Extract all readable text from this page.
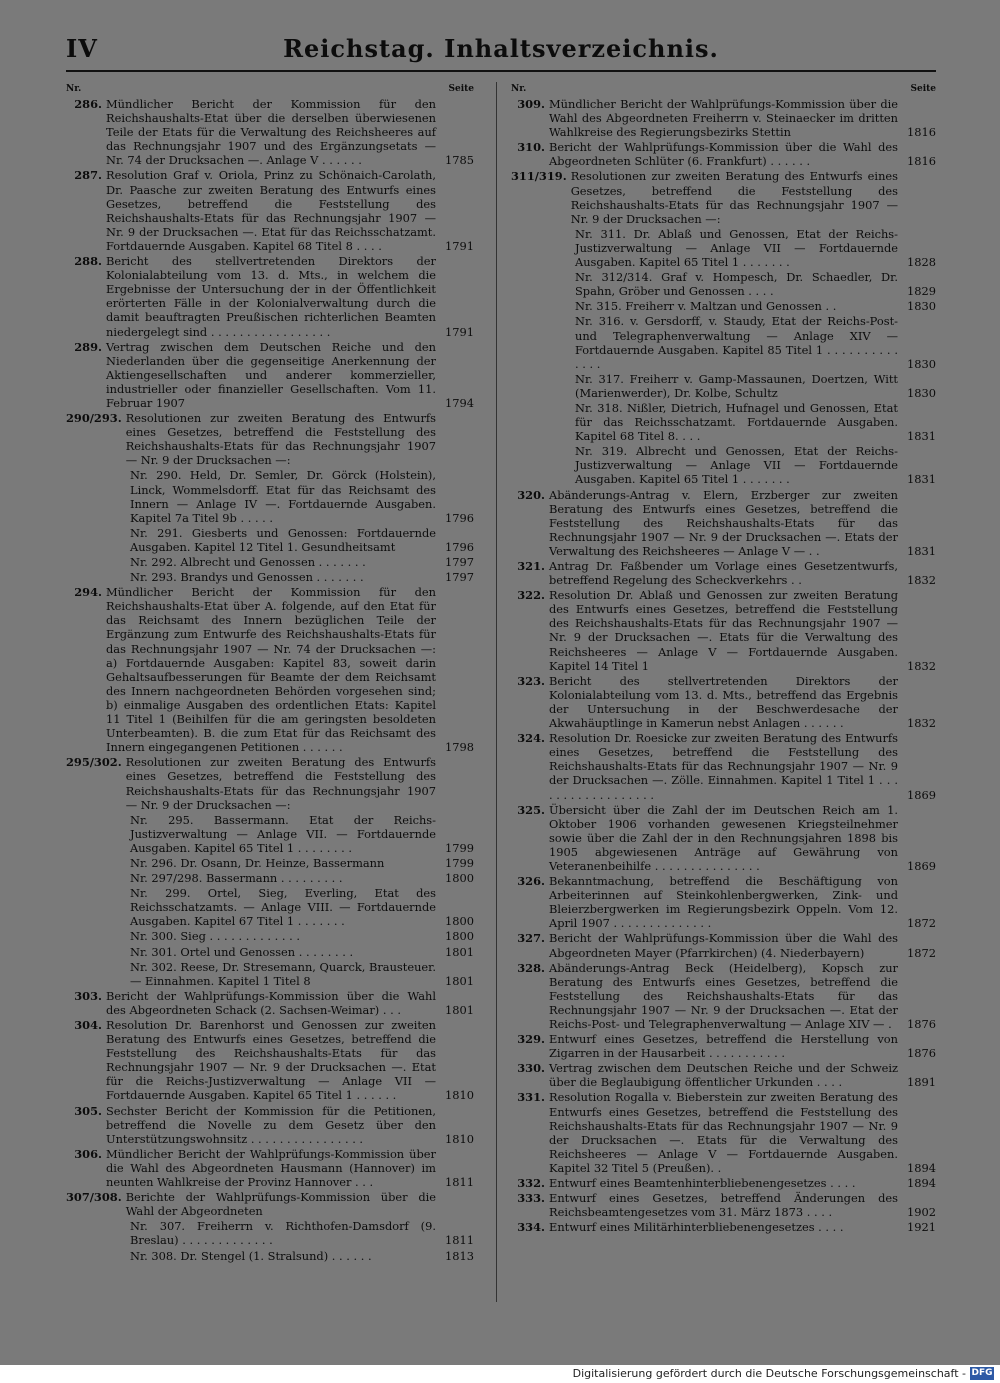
IV	Reichstag. Inhaltsverzeichnis.
Nr.	Seite
286. Mündlicher Bericht der Kommission für den Reichshaushalts-Etat über die derselben überwiesenen Teile der Etats für die Verwaltung des Reichsheeres auf das Rechnungsjahr 1907 und des Ergänzungsetats — Nr. 74 der Drucksachen —. Anlage V . . . . . .	1785
287. Resolution Graf v. Oriola, Prinz zu Schönaich-Carolath, Dr. Paasche zur zweiten Beratung des Entwurfs eines Gesetzes, betreffend die Feststellung des Reichshaushalts-Etats für das Rechnungsjahr 1907 — Nr. 9 der Drucksachen —. Etat für das Reichsschatzamt. Fortdauernde Ausgaben. Kapitel 68 Titel 8 . . . .	1791
288. Bericht des stellvertretenden Direktors der Kolonialabteilung vom 13. d. Mts., in welchem die Ergebnisse der Untersuchung der in der Öffentlichkeit erörterten Fälle in der Kolonialverwaltung durch die damit beauftragten Preußischen richterlichen Beamten niedergelegt sind . . . . . . . . . . . . . . . . .	1791
289. Vertrag zwischen dem Deutschen Reiche und den Niederlanden über die gegenseitige Anerkennung der Aktiengesellschaften und anderer kommerzieller, industrieller oder finanzieller Gesellschaften. Vom 11. Februar 1907	1794
290/293. Resolutionen zur zweiten Beratung des Entwurfs eines Gesetzes, betreffend die Feststellung des Reichshaushalts-Etats für das Rechnungsjahr 1907 — Nr. 9 der Drucksachen —:
Nr. 290. Held, Dr. Semler, Dr. Görck (Holstein), Linck, Wommelsdorff. Etat für das Reichsamt des Innern — Anlage IV —. Fortdauernde Ausgaben. Kapitel 7a Titel 9b . . . . .	1796
Nr. 291. Giesberts und Genossen: Fortdauernde Ausgaben. Kapitel 12 Titel 1. Gesundheitsamt	1796
Nr. 292. Albrecht und Genossen . . . . . . .	1797
Nr. 293. Brandys und Genossen . . . . . . .	1797
294. Mündlicher Bericht der Kommission für den Reichshaushalts-Etat über A. folgende, auf den Etat für das Reichsamt des Innern bezüglichen Teile der Ergänzung zum Entwurfe des Reichshaushalts-Etats für das Rechnungsjahr 1907 — Nr. 74 der Drucksachen —: a) Fortdauernde Ausgaben: Kapitel 83, soweit darin Gehaltsaufbesserungen für Beamte der dem Reichsamt des Innern nachgeordneten Behörden vorgesehen sind; b) einmalige Ausgaben des ordentlichen Etats: Kapitel 11 Titel 1 (Beihilfen für die am geringsten besoldeten Unterbeamten). B. die zum Etat für das Reichsamt des Innern eingegangenen Petitionen . . . . . .	1798
295/302. Resolutionen zur zweiten Beratung des Entwurfs eines Gesetzes, betreffend die Feststellung des Reichshaushalts-Etats für das Rechnungsjahr 1907 — Nr. 9 der Drucksachen —:
Nr. 295. Bassermann. Etat der Reichs-Justizverwaltung — Anlage VII. — Fortdauernde Ausgaben. Kapitel 65 Titel 1 . . . . . . . .	1799
Nr. 296. Dr. Osann, Dr. Heinze, Bassermann	1799
Nr. 297/298. Bassermann . . . . . . . . .	1800
Nr. 299. Ortel, Sieg, Everling, Etat des Reichsschatzamts. — Anlage VIII. — Fortdauernde Ausgaben. Kapitel 67 Titel 1 . . . . . . .	1800
Nr. 300. Sieg . . . . . . . . . . . . .	1800
Nr. 301. Ortel und Genossen . . . . . . . .	1801
Nr. 302. Reese, Dr. Stresemann, Quarck, Brausteuer. — Einnahmen. Kapitel 1 Titel 8	1801
303. Bericht der Wahlprüfungs-Kommission über die Wahl des Abgeordneten Schack (2. Sachsen-Weimar) . . .	1801
304. Resolution Dr. Barenhorst und Genossen zur zweiten Beratung des Entwurfs eines Gesetzes, betreffend die Feststellung des Reichshaushalts-Etats für das Rechnungsjahr 1907 — Nr. 9 der Drucksachen —. Etat für die Reichs-Justizverwaltung — Anlage VII — Fortdauernde Ausgaben. Kapitel 65 Titel 1 . . . . . .	1810
305. Sechster Bericht der Kommission für die Petitionen, betreffend die Novelle zu dem Gesetz über den Unterstützungswohnsitz . . . . . . . . . . . . . . . .	1810
306. Mündlicher Bericht der Wahlprüfungs-Kommission über die Wahl des Abgeordneten Hausmann (Hannover) im neunten Wahlkreise der Provinz Hannover . . .	1811
307/308. Berichte der Wahlprüfungs-Kommission über die Wahl der Abgeordneten
Nr. 307. Freiherrn v. Richthofen-Damsdorf (9. Breslau) . . . . . . . . . . . . .	1811
Nr. 308. Dr. Stengel (1. Stralsund) . . . . . .	1813
Nr.	Seite
309. Mündlicher Bericht der Wahlprüfungs-Kommission über die Wahl des Abgeordneten Freiherrn v. Steinaecker im dritten Wahlkreise des Regierungsbezirks Stettin	1816
310. Bericht der Wahlprüfungs-Kommission über die Wahl des Abgeordneten Schlüter (6. Frankfurt) . . . . . .	1816
311/319. Resolutionen zur zweiten Beratung des Entwurfs eines Gesetzes, betreffend die Feststellung des Reichshaushalts-Etats für das Rechnungsjahr 1907 — Nr. 9 der Drucksachen —:
Nr. 311. Dr. Ablaß und Genossen, Etat der Reichs-Justizverwaltung — Anlage VII — Fortdauernde Ausgaben. Kapitel 65 Titel 1 . . . . . . .	1828
Nr. 312/314. Graf v. Hompesch, Dr. Schaedler, Dr. Spahn, Gröber und Genossen . . . .	1829
Nr. 315. Freiherr v. Maltzan und Genossen . .	1830
Nr. 316. v. Gersdorff, v. Staudy, Etat der Reichs-Post- und Telegraphenverwaltung — Anlage XIV — Fortdauernde Ausgaben. Kapitel 85 Titel 1 . . . . . . . . . . . . . .	1830
Nr. 317. Freiherr v. Gamp-Massaunen, Doertzen, Witt (Marienwerder), Dr. Kolbe, Schultz	1830
Nr. 318. Nißler, Dietrich, Hufnagel und Genossen, Etat für das Reichsschatzamt. Fortdauernde Ausgaben. Kapitel 68 Titel 8. . . .	1831
Nr. 319. Albrecht und Genossen, Etat der Reichs-Justizverwaltung — Anlage VII — Fortdauernde Ausgaben. Kapitel 65 Titel 1 . . . . . . .	1831
320. Abänderungs-Antrag v. Elern, Erzberger zur zweiten Beratung des Entwurfs eines Gesetzes, betreffend die Feststellung des Reichshaushalts-Etats für das Rechnungsjahr 1907 — Nr. 9 der Drucksachen —. Etats der Verwaltung des Reichsheeres — Anlage V — . .	1831
321. Antrag Dr. Faßbender um Vorlage eines Gesetzentwurfs, betreffend Regelung des Scheckverkehrs . .	1832
322. Resolution Dr. Ablaß und Genossen zur zweiten Beratung des Entwurfs eines Gesetzes, betreffend die Feststellung des Reichshaushalts-Etats für das Rechnungsjahr 1907 — Nr. 9 der Drucksachen —. Etats für die Verwaltung des Reichsheeres — Anlage V — Fortdauernde Ausgaben. Kapitel 14 Titel 1	1832
323. Bericht des stellvertretenden Direktors der Kolonialabteilung vom 13. d. Mts., betreffend das Ergebnis der Untersuchung in der Beschwerdesache der Akwahäuptlinge in Kamerun nebst Anlagen . . . . . .	1832
324. Resolution Dr. Roesicke zur zweiten Beratung des Entwurfs eines Gesetzes, betreffend die Feststellung des Reichshaushalts-Etats für das Rechnungsjahr 1907 — Nr. 9 der Drucksachen —. Zölle. Einnahmen. Kapitel 1 Titel 1 . . . . . . . . . . . . . . . . . .	1869
325. Übersicht über die Zahl der im Deutschen Reich am 1. Oktober 1906 vorhanden gewesenen Kriegsteilnehmer sowie über die Zahl der in den Rechnungsjahren 1898 bis 1905 abgewiesenen Anträge auf Gewährung von Veteranenbeihilfe . . . . . . . . . . . . . . .	1869
326. Bekanntmachung, betreffend die Beschäftigung von Arbeiterinnen auf Steinkohlenbergwerken, Zink- und Bleierzbergwerken im Regierungsbezirk Oppeln. Vom 12. April 1907 . . . . . . . . . . . . . .	1872
327. Bericht der Wahlprüfungs-Kommission über die Wahl des Abgeordneten Mayer (Pfarrkirchen) (4. Niederbayern)	1872
328. Abänderungs-Antrag Beck (Heidelberg), Kopsch zur Beratung des Entwurfs eines Gesetzes, betreffend die Feststellung des Reichshaushalts-Etats für das Rechnungsjahr 1907 — Nr. 9 der Drucksachen —. Etat der Reichs-Post- und Telegraphenverwaltung — Anlage XIV — .	1876
329. Entwurf eines Gesetzes, betreffend die Herstellung von Zigarren in der Hausarbeit . . . . . . . . . . .	1876
330. Vertrag zwischen dem Deutschen Reiche und der Schweiz über die Beglaubigung öffentlicher Urkunden . . . .	1891
331. Resolution Rogalla v. Bieberstein zur zweiten Beratung des Entwurfs eines Gesetzes, betreffend die Feststellung des Reichshaushalts-Etats für das Rechnungsjahr 1907 — Nr. 9 der Drucksachen —. Etats für die Verwaltung des Reichsheeres — Anlage V — Fortdauernde Ausgaben. Kapitel 32 Titel 5 (Preußen). .	1894
332. Entwurf eines Beamtenhinterbliebenengesetzes . . . .	1894
333. Entwurf eines Gesetzes, betreffend Änderungen des Reichsbeamtengesetzes vom 31. März 1873 . . . .	1902
334. Entwurf eines Militärhinterbliebenengesetzes . . . .	1921
Digitalisierung gefördert durch die Deutsche Forschungsgemeinschaft - DFG
